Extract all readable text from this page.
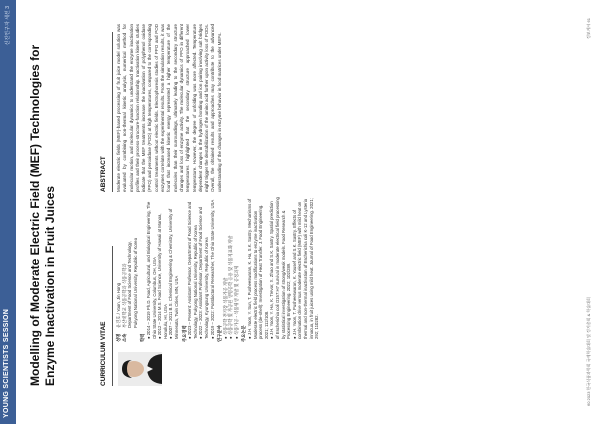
YOUNG SCIENTISTS SESSION
신진연구자 세션 3
Modelling of Moderate Electric Field (MEF) Technologies for Enzyme Inactivation in Fruit Juices	CURRICULUM VITAE
ABSTRACT
성명
윤진호 / Yoon, Jin Hong
소속
부산대학교 식품공학과 식품공학과
Department of Food Science and Technology,
Pukyong National University, Republic of Korea
학력 ● 2014 – 2019 Ph.D. Food, Agricultural, and Biological Engineering, The Ohio State University, Columbus, OH, USA ● 2012 – 2014 M.S. Food Science, University of Hawaii at Manoa, Honolulu, HI, USA ● 2007 – 2011 B.S. Chemical Engineering & Chemistry, University of Minnesota, Twin Cities, MN, USA 주요경력 ● 2023 – Present: Assistant Professor, Department of Food Science and Technology, Pukyong National University, Republic of Korea ● 2022 – 2023: Assistant Professor, Department of Food Science and Technology, Kyungsung University, Republic of Korea ● 2019 – 2022: Postdoctoral Researcher, The Ohio State University, USA 연구분야 ● 식품공학 전기장 식품가공 개발 ● 식품공학 및 가공된 생명공학 응용 및 식품지표화 개발 ● 식품가공 - 식품위생 개발 및 공정과제 주요논문 ● J.H. Yoon, Y. Sun, T. Pusheeswaran, K. Ha, S.K. Sastry. Mechanisms of Moderate electric field process modifications to enzyme inactivation process (de-shell): Investigation of Heat Transfer. J. Food Engineering. 2021; 112/108. ● J.H. Yoon, Y. Ha, K. Trevor, X. Zhao and S.K. Sastry. Spatial prediction of Escherichia coli O157:H7 survival in moderate electrical field processing by statistical investigation of strong/weak models. Food Research & Processing Engineering. 2022; 102/289. ● J.H. Yoon, T. Pusheeswaran, K. Yousef and S.K. Sastry. Effects of combination drive versus moderate electric field (MEF) with mild heat on thermal and non-thermal inactivation of Escherichia coli K-12 and Lysteria innocua, in fruit juices using mild heat. Journal of Food Engineering. 2021; 292; 110282.
Moderate electric fields (MEF)-based processing of fruit juice model solution was evaluated by combining non-thermal kinetic analysis, numerical method for molecular motion, and molecular dynamics to understand the enzyme inactivation profiles and their process-structure-function relationship. Inactivation kinetic studies indicate that the MEF treatments increase the inactivation of polyphenol oxidase (PPO) and peroxidase (POD) at high temperatures, compared to the corresponding control treatments without electric fields. Electrophoresis studies of PPO and POD enzymes correlate with the experimental results. From the simulation results, it was found that increased kinetic energy represented a higher temperature of the molecules than their surroundings, ultimately leading to the secondary structure changes and loss of enzyme activity. The molecular dynamics of PPO in different temperatures highlighted that the secondary structure approached lower temperature. However, the degree of unfolding was more affected. Temperature dependent changes in the hydrogen bonding and ion pairing involving salt bridges might trigger the destabilization of the amino acid further upon activity loss of PODs. Overall, the obtained results and approaches may contribute to the advanced understanding of the changes in enzyme behavior in food matrices under MEFs.
60 2023 한국식품과학회 국제학술대회 및 정기총회 & 학술대회
정보게시 61
